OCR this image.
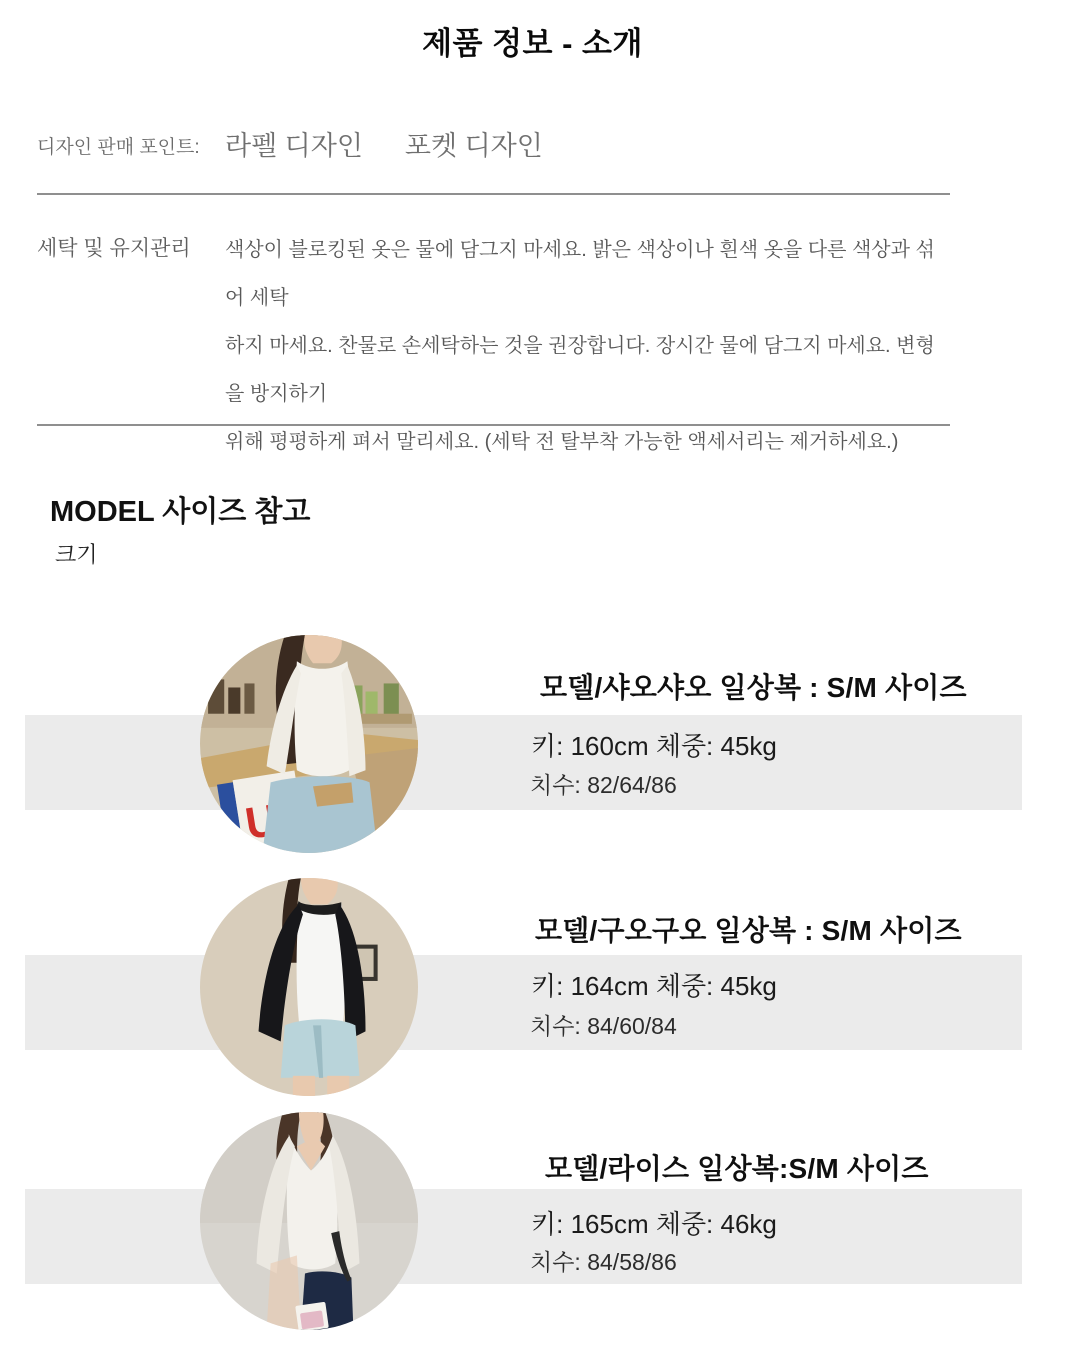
제품 정보 - 소개
디자인 판매 포인트: 라펠 디자인 포켓 디자인
세탁 및 유지관리 색상이 블로킹된 옷은 물에 담그지 마세요. 밝은 색상이나 흰색 옷을 다른 색상과 섞어 세탁
하지 마세요. 찬물로 손세탁하는 것을 권장합니다. 장시간 물에 담그지 마세요. 변형을 방지하기
위해 평평하게 펴서 말리세요. (세탁 전 탈부착 가능한 액세서리는 제거하세요.)
MODEL 사이즈 참고
크기
모델/샤오샤오 일상복 : S/M 사이즈
키: 160cm 체중: 45kg
치수: 82/64/86
모델/구오구오 일상복 : S/M 사이즈
키: 164cm 체중: 45kg
치수: 84/60/84
모델/라이스 일상복:S/M 사이즈
키: 165cm 체중: 46kg
치수: 84/58/86
